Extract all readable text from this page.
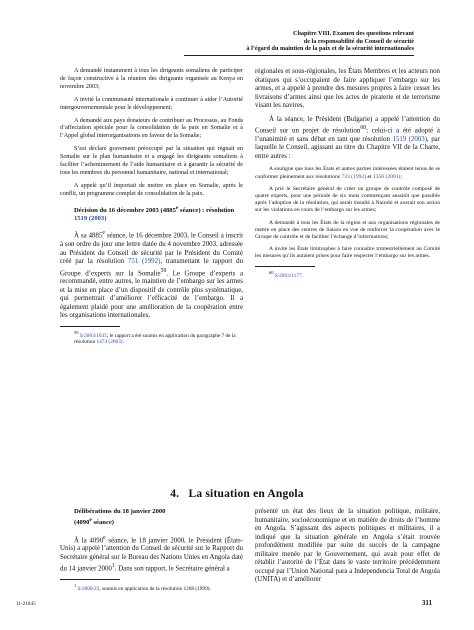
Chapitre VIII. Examen des questions relevant
de la responsabilité du Conseil de sécurité
à l’égard du maintien de la paix et de la sécurité internationales

A demandé instamment à tous les dirigeants somaliens de participer de façon constructive à la réunion des dirigeants organisée au Kenya en novembre 2003;

A invité la communauté internationale à continuer à aider l’Autorité intergouvernementale pour le développement;

A demandé aux pays donateurs de contribuer au Processus, au Fonds d’affectation spéciale pour la consolidation de la paix en Somalie et à l’Appel global interorganisations en faveur de la Somalie;

S’est déclaré gravement préoccupé par la situation qui régnait en Somalie sur le plan humanitaire et a engagé les dirigeants somaliens à faciliter l’acheminement de l’aide humanitaire et à garantir la sécurité de tous les membres du personnel humanitaire, national et international;

A appelé qu’il importait de mettre en place en Somalie, après le conflit, un programme complet de consolidation de la paix.

Décision du 16 décembre 2003 (4885e séance) : résolution 1519 (2003)

À sa 4885e séance, le 16 décembre 2003, le Conseil a inscrit à son ordre du jour une lettre datée du 4 novembre 2003, adressée au Président du Conseil de sécurité par le Président du Comité créé par la résolution 751 (1992), transmettant le rapport du Groupe d’experts sur la Somalie$^{59}$. Le Groupe d’experts a recommandé, entre autres, le maintien de l’embargo sur les armes et la mise en place d’un dispositif de contrôle plus systématique, qui permettrait d’améliorer l’efficacité de l’embargo. Il a également plaidé pour une amélioration de la coopération entre les organisations internationales,

$^{59}$ S/2003/1035; le rapport a été soumis en application du paragraphe 7 de la résolution 1474 (2003).

régionales et sous-régionales, les États Membres et les acteurs non étatiques qui s’occupaient de faire appliquer l’embargo sur les armes, et a appelé à prendre des mesures propres à faire cesser les livraisons d’armes ainsi que les actes de piraterie et de terrorisme visant les navires.

À la séance, le Président (Bulgarie) a appelé l’attention du Conseil sur un projet de résolution$^{60}$; celui-ci a été adopté à l’unanimité et sans débat en tant que résolution 1519 (2003), par laquelle le Conseil, agissant au titre du Chapitre VII de la Charte, entre autres :

A souligné que tous les États et autres parties intéressées étaient tenus de se conformer pleinement aux résolutions 733 (1992) et 1356 (2001);

A prié le Secrétaire général de créer un groupe de contrôle composé de quatre experts, pour une période de six mois commençant aussitôt que possible après l’adoption de la résolution, qui serait installé à Nairobi et axerait son action sur les violations en cours de l’embargo sur les armes;

A demandé à tous les États de la région et aux organisations régionales de mettre en place des centres de liaison en vue de renforcer la coopération avec le Groupe de contrôle et de faciliter l’échange d’informations;

A invité les États limitrophes à faire connaître trimestriellement au Comité les mesures qu’ils auraient prises pour faire respecter l’embargo sur les armes.

$^{60}$ S/2003/1177.
4. La situation en Angola
Délibérations du 18 janvier 2000
(4090e séance)

À la 4090e séance, le 18 janvier 2000, le Président (États-Unis) a appelé l’attention du Conseil de sécurité sur le Rapport du Secrétaire général sur le Bureau des Nations Unies en Angola daté du 14 janvier 2000$^1$. Dans son rapport, le Secrétaire général a

$^1$ S/2000/23, soumis en application de la résolution 1268 (1999).

présenté un état des lieux de la situation politique, militaire, humanitaire, socioéconomique et en matière de droits de l’homme en Angola. S’agissant des aspects politiques et militaires, il a indiqué que la situation générale en Angola s’était trouvée profondément modifiée par suite du succès de la campagne militaire menée par le Gouvernement, qui avait pour effet de rétablir l’autorité de l’État dans le vaste territoire précédemment occupé par l’Union National para a Independencia Total de Angola (UNITA) et d’améliorer

11-21845	311
